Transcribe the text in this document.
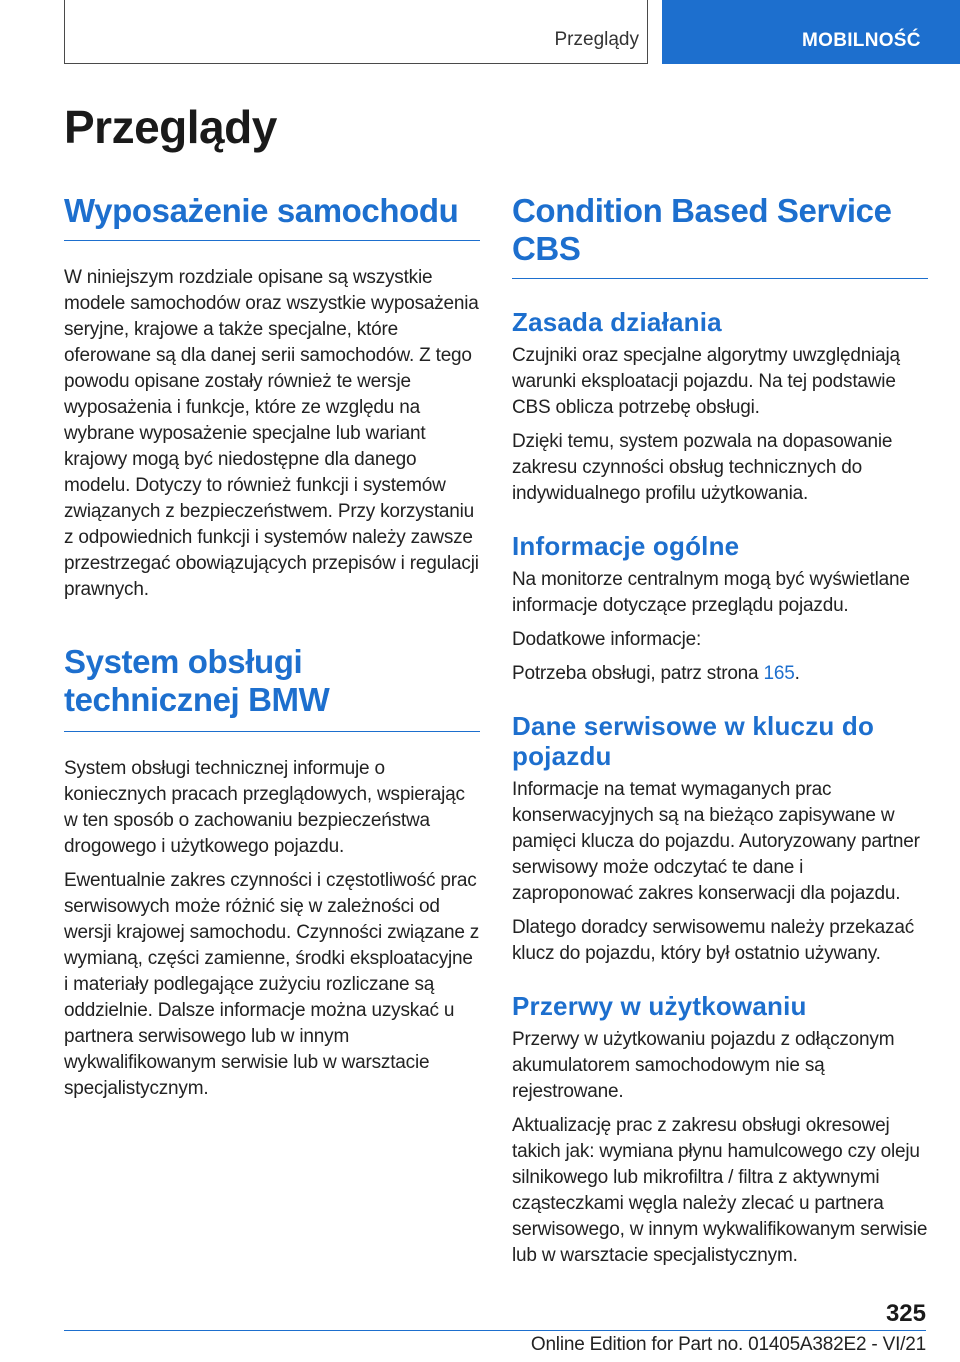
Przeglądy	MOBILNOŚĆ
Przeglądy
Wyposażenie samochodu

W niniejszym rozdziale opisane są wszystkie modele samochodów oraz wszystkie wyposażenia seryjne, krajowe a także specjalne, które oferowane są dla danej serii samochodów. Z tego powodu opisane zostały również te wersje wyposażenia i funkcje, które ze względu na wybrane wyposażenie specjalne lub wariant krajowy mogą być niedostępne dla danego modelu. Dotyczy to również funkcji i systemów związanych z bezpieczeństwem. Przy korzystaniu z odpowiednich funkcji i systemów należy zawsze przestrzegać obowiązujących przepisów i regulacji prawnych.

System obsługi technicznej BMW

System obsługi technicznej informuje o koniecznych pracach przeglądowych, wspierając w ten sposób o zachowaniu bezpieczeństwa drogowego i użytkowego pojazdu.

Ewentualnie zakres czynności i częstotliwość prac serwisowych może różnić się w zależności od wersji krajowej samochodu. Czynności związane z wymianą, części zamienne, środki eksploatacyjne i materiały podlegające zużyciu rozliczane są oddzielnie. Dalsze informacje można uzyskać u partnera serwisowego lub w innym wykwalifikowanym serwisie lub w warsztacie specjalistycznym.

Condition Based Service CBS
Zasada działania

Czujniki oraz specjalne algorytmy uwzględniają warunki eksploatacji pojazdu. Na tej podstawie CBS oblicza potrzebę obsługi.

Dzięki temu, system pozwala na dopasowanie zakresu czynności obsług technicznych do indywidualnego profilu użytkowania.

Informacje ogólne

Na monitorze centralnym mogą być wyświetlane informacje dotyczące przeglądu pojazdu.

Dodatkowe informacje:

Potrzeba obsługi, patrz strona 165.

Dane serwisowe w kluczu do pojazdu

Informacje na temat wymaganych prac konserwacyjnych są na bieżąco zapisywane w pamięci klucza do pojazdu. Autoryzowany partner serwisowy może odczytać te dane i zaproponować zakres konserwacji dla pojazdu.

Dlatego doradcy serwisowemu należy przekazać klucz do pojazdu, który był ostatnio używany.

Przerwy w użytkowaniu

Przerwy w użytkowaniu pojazdu z odłączonym akumulatorem samochodowym nie są rejestrowane.

Aktualizację prac z zakresu obsługi okresowej takich jak: wymiana płynu hamulcowego czy oleju silnikowego lub mikrofiltra / filtra z aktywnymi cząsteczkami węgla należy zlecać u partnera serwisowego, w innym wykwalifikowanym serwisie lub w warsztacie specjalistycznym.

325
Online Edition for Part no. 01405A382E2 - VI/21
